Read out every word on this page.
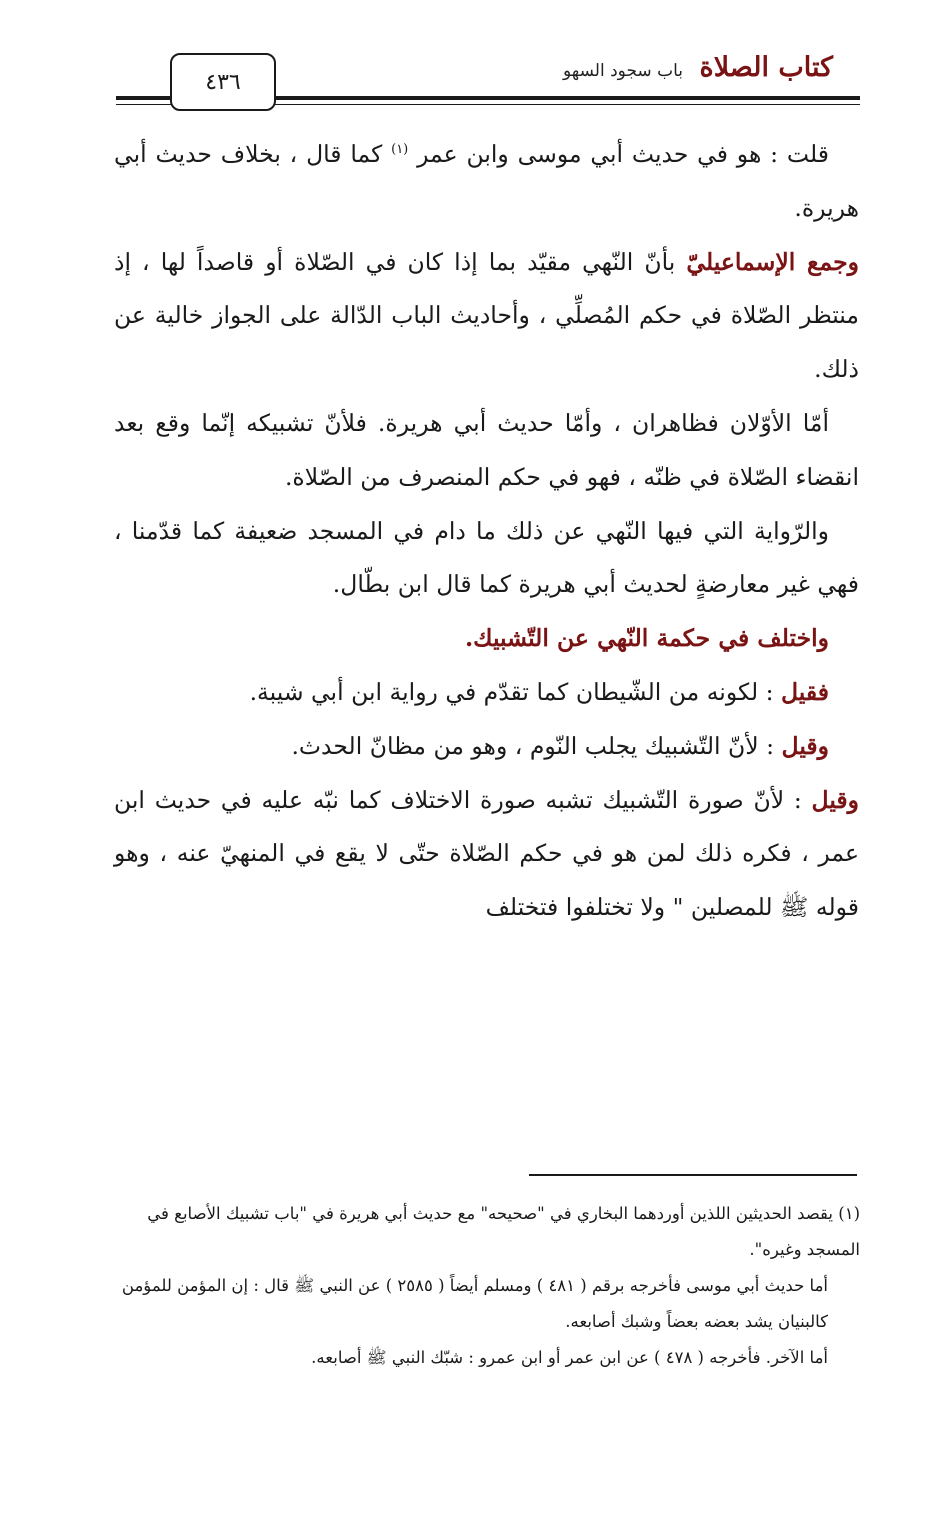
كتاب الصلاة
باب سجود السهو
٤٣٦

قلت : هو في حديث أبي موسى وابن عمر $^{(١)}$ كما قال ، بخلاف حديث أبي هريرة.

وجمع الإسماعيليّ بأنّ النّهي مقيّد بما إذا كان في الصّلاة أو قاصداً لها ، إذ منتظر الصّلاة في حكم المُصلِّي ، وأحاديث الباب الدّالة على الجواز خالية عن ذلك.

أمّا الأوّلان فظاهران ، وأمّا حديث أبي هريرة. فلأنّ تشبيكه إنّما وقع بعد انقضاء الصّلاة في ظنّه ، فهو في حكم المنصرف من الصّلاة.

والرّواية التي فيها النّهي عن ذلك ما دام في المسجد ضعيفة كما قدّمنا ، فهي غير معارضةٍ لحديث أبي هريرة كما قال ابن بطّال.

واختلف في حكمة النّهي عن التّشبيك.

فقيل : لكونه من الشّيطان كما تقدّم في رواية ابن أبي شيبة.

وقيل : لأنّ التّشبيك يجلب النّوم ، وهو من مظانّ الحدث.

وقيل : لأنّ صورة التّشبيك تشبه صورة الاختلاف كما نبّه عليه في حديث ابن عمر ، فكره ذلك لمن هو في حكم الصّلاة حتّى لا يقع في المنهيّ عنه ، وهو قوله ﷺ للمصلين " ولا تختلفوا فتختلف

(١) يقصد الحديثين اللذين أوردهما البخاري في "صحيحه" مع حديث أبي هريرة في "باب تشبيك الأصابع في المسجد وغيره".

أما حديث أبي موسى فأخرجه برقم ( ٤٨١ ) ومسلم أيضاً ( ٢٥٨٥ ) عن النبي ﷺ قال : إن المؤمن للمؤمن كالبنيان يشد بعضه بعضاً وشبك أصابعه.

أما الآخر. فأخرجه ( ٤٧٨ ) عن ابن عمر أو ابن عمرو : شبّك النبي ﷺ أصابعه.
